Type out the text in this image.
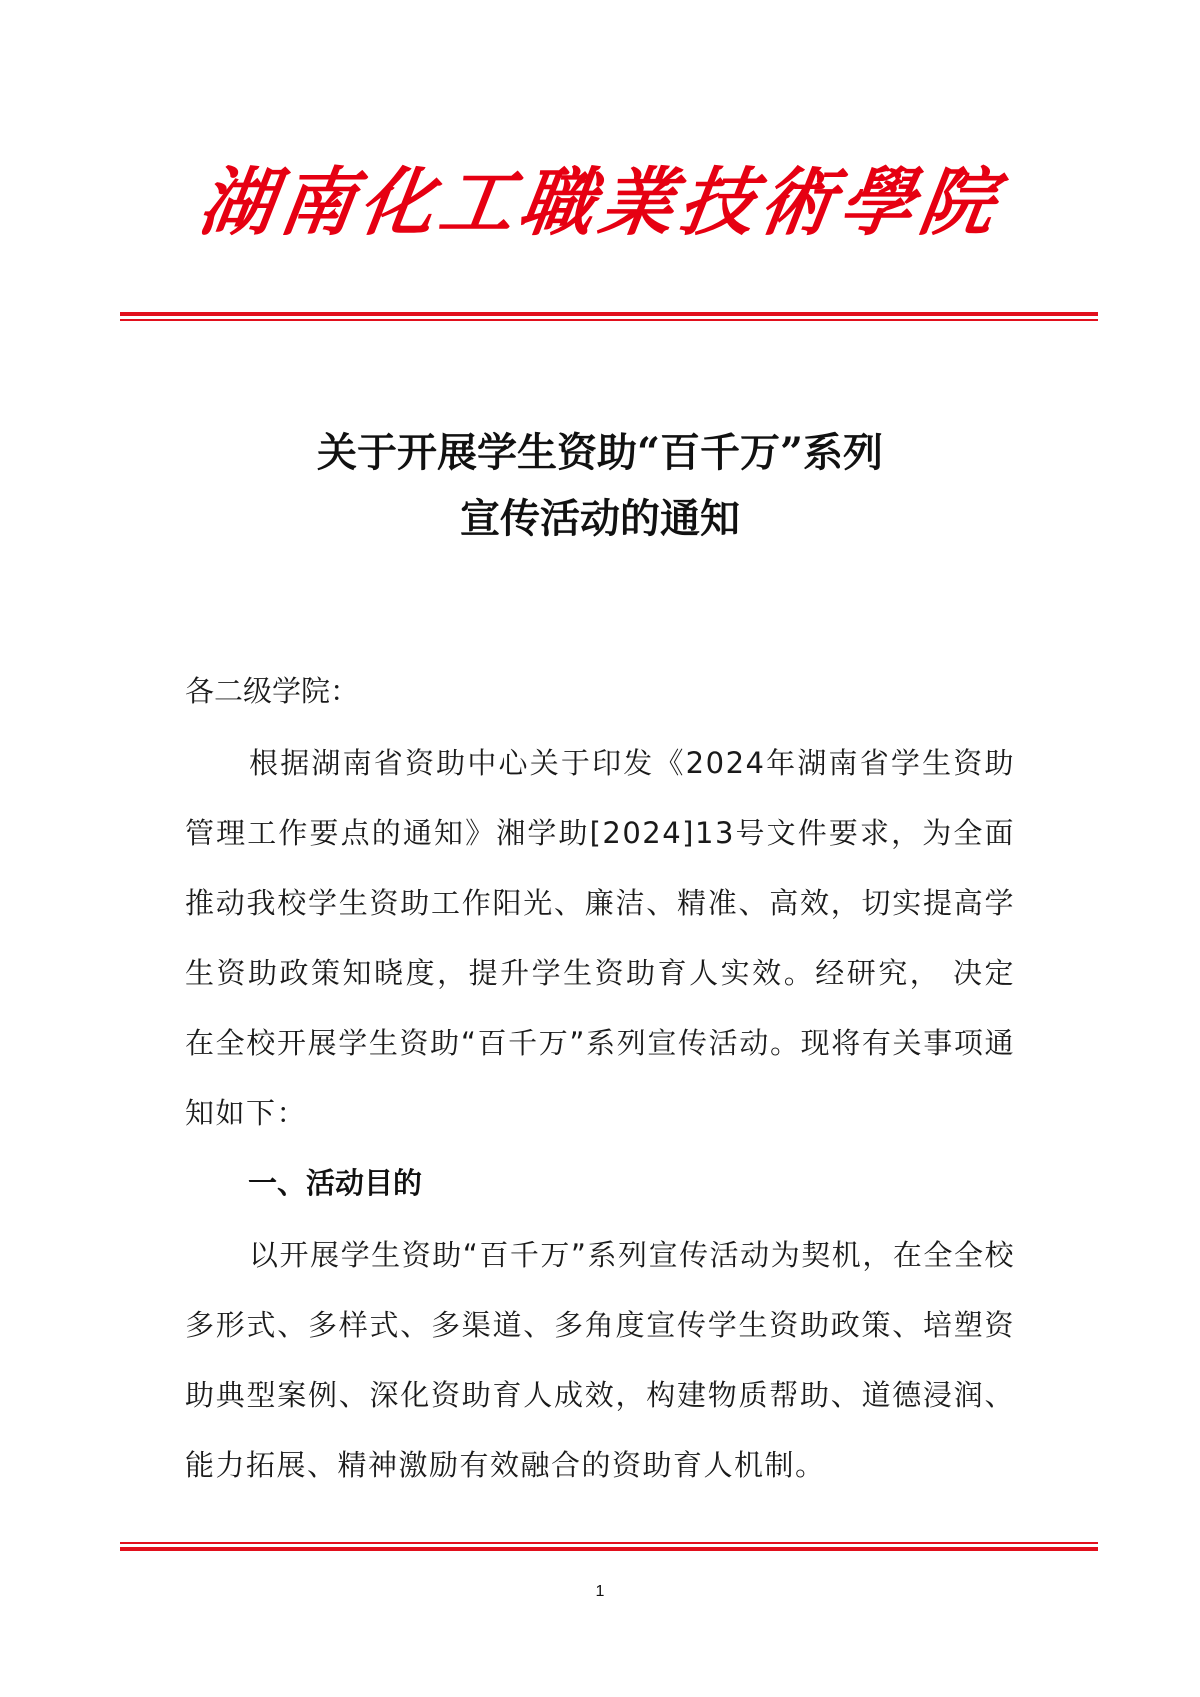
湖南化工職業技術學院
关于开展学生资助“百千万”系列
宣传活动的通知
各二级学院：
根据湖南省资助中心关于印发《2024年湖南省学生资助管理工作要点的通知》湘学助[2024]13号文件要求，为全面推动我校学生资助工作阳光、廉洁、精准、高效，切实提高学生资助政策知晓度，提升学生资助育人实效。经研究， 决定在全校开展学生资助“百千万”系列宣传活动。现将有关事项通知如下：
一、活动目的
以开展学生资助“百千万”系列宣传活动为契机，在全全校多形式、多样式、多渠道、多角度宣传学生资助政策、培塑资助典型案例、深化资助育人成效，构建物质帮助、道德浸润、能力拓展、精神激励有效融合的资助育人机制。
1
